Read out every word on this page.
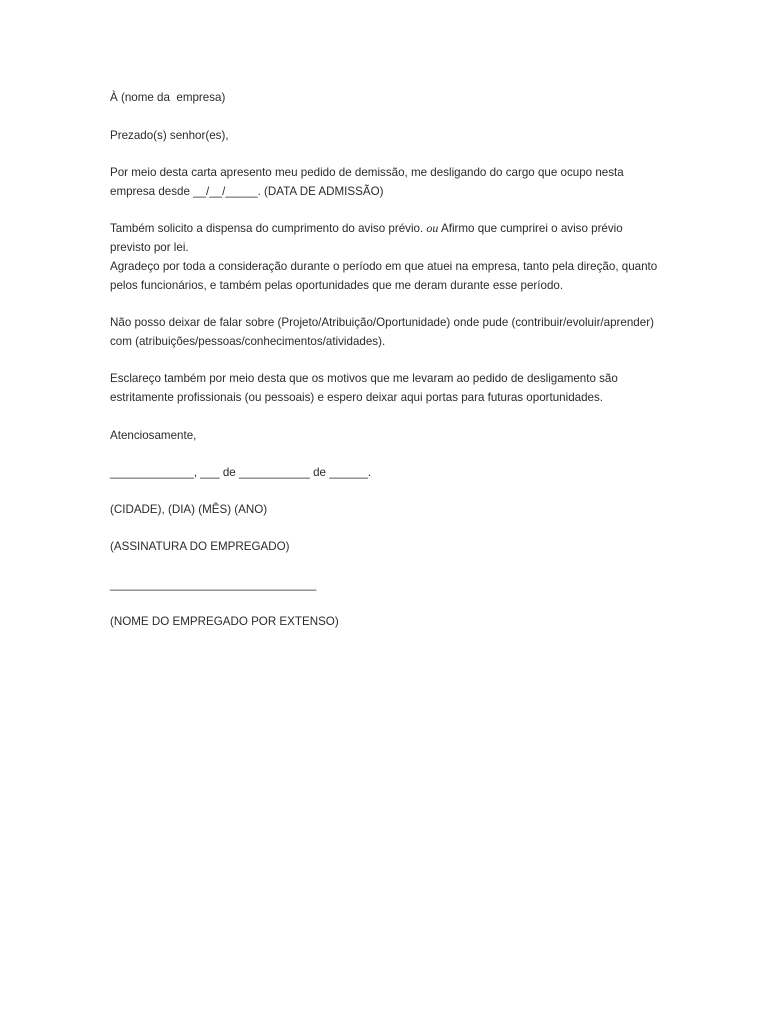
À (nome da  empresa)

Prezado(s) senhor(es),

Por meio desta carta apresento meu pedido de demissão, me desligando do cargo que ocupo nesta

empresa desde __/__/_____. (DATA DE ADMISSÃO)

Também solicito a dispensa do cumprimento do aviso prévio. ou Afirmo que cumprirei o aviso prévio

previsto por lei.

Agradeço por toda a consideração durante o período em que atuei na empresa, tanto pela direção, quanto

pelos funcionários, e também pelas oportunidades que me deram durante esse período.

Não posso deixar de falar sobre (Projeto/Atribuição/Oportunidade) onde pude (contribuir/evoluir/aprender)

com (atribuições/pessoas/conhecimentos/atividades).

Esclareço também por meio desta que os motivos que me levaram ao pedido de desligamento são

estritamente profissionais (ou pessoais) e espero deixar aqui portas para futuras oportunidades.

Atenciosamente,

_____________, ___ de ___________ de ______.

(CIDADE), (DIA) (MÊS) (ANO)

(ASSINATURA DO EMPREGADO)

________________________________

(NOME DO EMPREGADO POR EXTENSO)
